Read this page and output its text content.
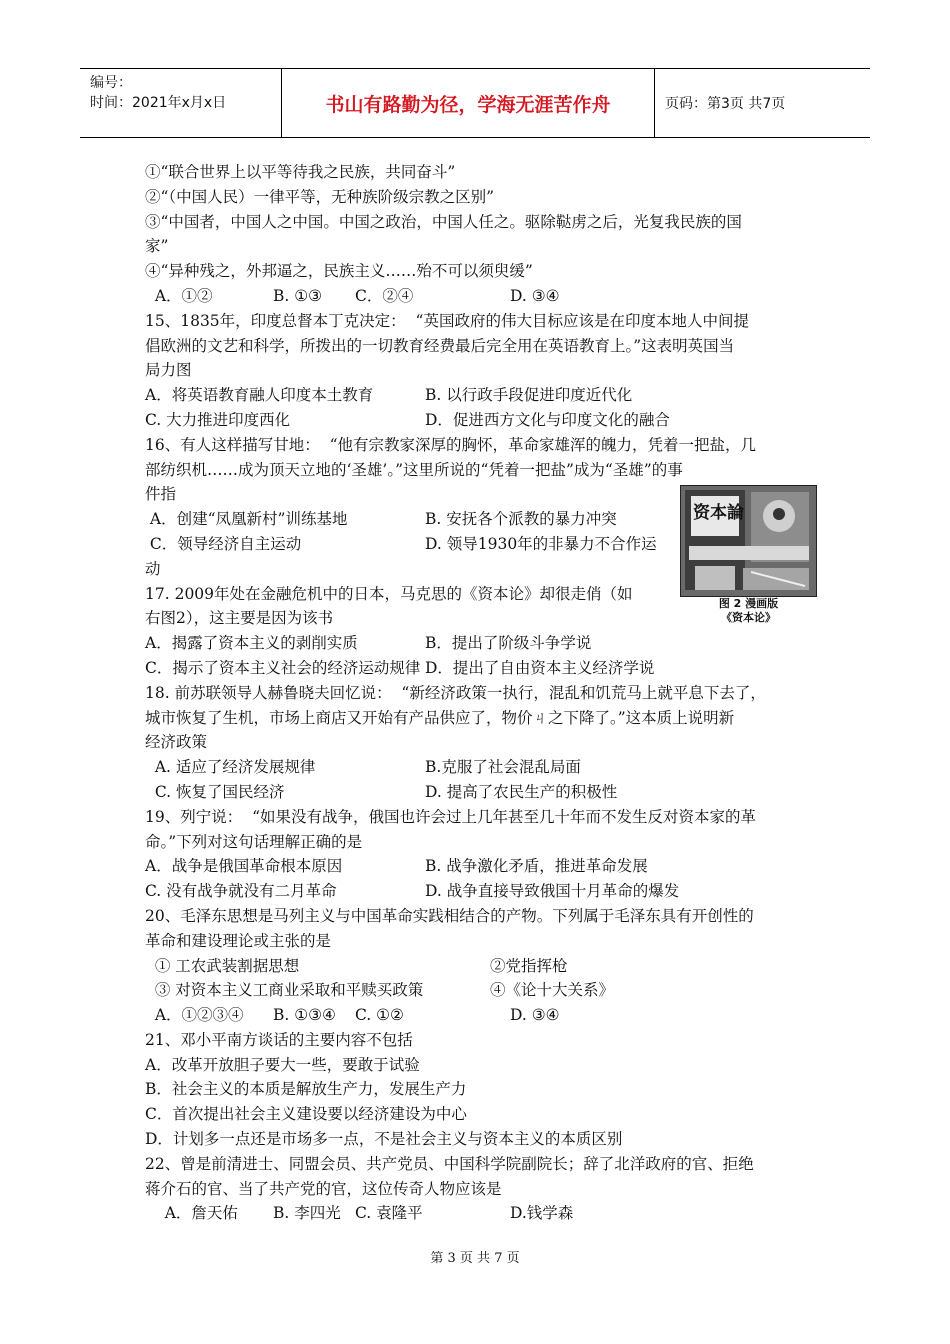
编号：
时间：2021年x月x日	书山有路勤为径，学海无涯苦作舟	页码：第3页 共7页
①“联合世界上以平等待我之民族，共同奋斗”
②“（中国人民）一律平等，无种族阶级宗教之区别”
③“中国者，中国人之中国。中国之政治，中国人任之。驱除鞑虏之后，光复我民族的国
家”
④“异种残之，外邦逼之，民族主义……殆不可以须臾缓”
A．①②	B. ①③ C．②④	D. ③④
15、1835年，印度总督本丁克决定：  “英国政府的伟大目标应该是在印度本地人中间提
倡欧洲的文艺和科学，所拨出的一切教育经费最后完全用在英语教育上。”这表明英国当
局力图
A．将英语教育融人印度本土教育	B. 以行政手段促进印度近代化
C. 大力推进印度西化	D．促进西方文化与印度文化的融合
16、有人这样描写甘地：  “他有宗教家深厚的胸怀，革命家雄浑的魄力，凭着一把盐，几
部纺织机……成为顶天立地的‘圣雄’。”这里所说的“凭着一把盐”成为“圣雄”的事
件指
A．创建“凤凰新村”训练基地	B. 安抚各个派教的暴力冲突
C．领导经济自主运动	D. 领导1930年的非暴力不合作运
动
17. 2009年处在金融危机中的日本，马克思的《资本论》却很走俏（如
右图2），这主要是因为该书
A．揭露了资本主义的剥削实质	B．提出了阶级斗争学说
C．揭示了资本主义社会的经济运动规律 D．提出了自由资本主义经济学说
18. 前苏联领导人赫鲁晓夫回忆说：  “新经济政策一执行，混乱和饥荒马上就平息下去了，
城市恢复了生机，市场上商店又开始有产品供应了，物价ㄐ之下降了。”这本质上说明新
经济政策
A. 适应了经济发展规律	B.克服了社会混乱局面
C. 恢复了国民经济	D. 提高了农民生产的积极性
19、列宁说：  “如果没有战争，俄国也许会过上几年甚至几十年而不发生反对资本家的革
命。”下列对这句话理解正确的是
A．战争是俄国革命根本原因	B. 战争激化矛盾，推进革命发展
C. 没有战争就没有二月革命	D. 战争直接导致俄国十月革命的爆发
20、毛泽东思想是马列主义与中国革命实践相结合的产物。下列属于毛泽东具有开创性的
革命和建设理论或主张的是
① 工农武装割据思想	②党指挥枪
③ 对资本主义工商业采取和平赎买政策	④《论十大关系》
A．①②③④ B. ①③④ C. ①②	D. ③④
21、邓小平南方谈话的主要内容不包括
A．改革开放胆子要大一些，要敢于试验
B．社会主义的本质是解放生产力，发展生产力
C．首次提出社会主义建设要以经济建设为中心
D．计划多一点还是市场多一点，不是社会主义与资本主义的本质区别
22、曾是前清进士、同盟会员、共产党员、中国科学院副院长；辞了北洋政府的官、拒绝
蒋介石的官、当了共产党的官，这位传奇人物应该是
A．詹天佑 B. 李四光 C. 袁隆平	D.钱学森
资本論
图 2 漫画版
《资本论》
第 3 页 共 7 页
